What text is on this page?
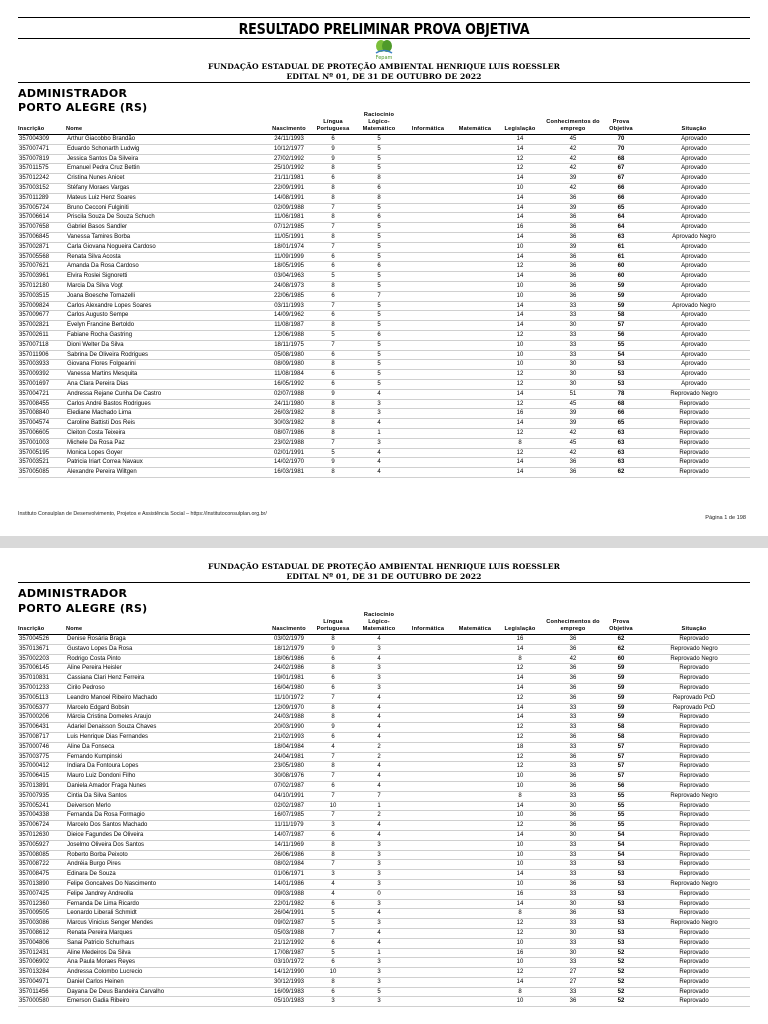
RESULTADO PRELIMINAR PROVA OBJETIVA
Fepam
FUNDAÇÃO ESTADUAL DE PROTEÇÃO AMBIENTAL HENRIQUE LUIS ROESSLER
EDITAL Nº 01, DE 31 DE OUTUBRO DE 2022
ADMINISTRADOR
PORTO ALEGRE (RS)
Inscrição	Nome	Nascimento	Língua Portuguesa	Raciocínio Lógico-Matemático	Informática	Matemática	Legislação	Conhecimentos do emprego	Prova Objetiva	Situação
357004309	Arthur Giacobbo Brandão	24/11/1993	6	5			14	45	70	Aprovado
357007471	Eduardo Schonarth Ludwig	10/12/1977	9	5			14	42	70	Aprovado
357007819	Jessica Santos Da Silveira	27/02/1992	9	5			12	42	68	Aprovado
357011575	Emanuel Pedra Cruz Bettin	25/10/1992	8	5			12	42	67	Aprovado
357012242	Cristina Nunes Anicet	21/11/1981	6	8			14	39	67	Aprovado
357003152	Stéfany Moraes Vargas	22/09/1991	8	6			10	42	66	Aprovado
357011289	Mateus Luiz Henz Soares	14/08/1991	8	8			14	36	66	Aprovado
357005724	Bruno Cecconi Fulginiti	02/09/1988	7	5			14	39	65	Aprovado
357006614	Priscila Souza De Souza Schuch	11/06/1981	8	6			14	36	64	Aprovado
357007658	Gabriel Basos Sandler	07/12/1985	7	5			16	36	64	Aprovado
357006845	Vanessa Tamires Borba	11/05/1991	8	5			14	36	63	Aprovado Negro
357002871	Carla Giovana Nogueira Cardoso	18/01/1974	7	5			10	39	61	Aprovado
357005568	Renata Silva Acosta	11/09/1999	6	5			14	36	61	Aprovado
357007621	Amanda Da Rosa Cardoso	18/05/1995	6	6			12	36	60	Aprovado
357003961	Elvira Roslei Signoretti	03/04/1963	5	5			14	36	60	Aprovado
357012180	Marcia Da Silva Vogt	24/08/1973	8	5			10	36	59	Aprovado
357003515	Joana Boesche Tomazelli	22/06/1985	6	7			10	36	59	Aprovado
357009824	Carlos Alexandre Lopes Soares	03/11/1993	7	5			14	33	59	Aprovado Negro
357009677	Carlos Augusto Sempe	14/09/1962	6	5			14	33	58	Aprovado
357002821	Evelyn Francine Bertoldo	11/08/1987	8	5			14	30	57	Aprovado
357002611	Fabiane Rocha Gastring	12/06/1988	5	6			12	33	56	Aprovado
357007118	Dioni Welter Da Silva	18/11/1975	7	5			10	33	55	Aprovado
357011906	Sabrina De Oliveira Rodrigues	05/08/1980	6	5			10	33	54	Aprovado
357003933	Giovana Flores Folgearini	08/09/1980	8	5			10	30	53	Aprovado
357009392	Vanessa Martins Mesquita	11/08/1984	6	5			12	30	53	Aprovado
357001697	Ana Clara Pereira Dias	16/05/1992	6	5			12	30	53	Aprovado
357004721	Andressa Rejane Cunha De Castro	02/07/1988	9	4			14	51	78	Reprovado Negro
357008455	Carlos André Bastos Rodrigues	24/11/1980	8	3			12	45	68	Reprovado
357008840	Elediane Machado Lima	26/03/1982	8	3			16	39	66	Reprovado
357004574	Caroline Battisti Dos Reis	30/03/1982	8	4			14	39	65	Reprovado
357006605	Cleiton Costa Teixeira	08/07/1986	8	1			12	42	63	Reprovado
357001003	Michele Da Rosa Paz	23/02/1988	7	3			8	45	63	Reprovado
357005195	Monica Lopes Goyer	02/01/1991	5	4			12	42	63	Reprovado
357003521	Patricia Iriart Correa Navaux	14/02/1970	9	4			14	36	63	Reprovado
357005085	Alexandre Pereira Wiltgen	16/03/1981	8	4			14	36	62	Reprovado
Instituto Consulplan de Desenvolvimento, Projetos e Assistência Social – https://institutoconsulplan.org.br/
Página 1 de 198
FUNDAÇÃO ESTADUAL DE PROTEÇÃO AMBIENTAL HENRIQUE LUIS ROESSLER
EDITAL Nº 01, DE 31 DE OUTUBRO DE 2022
ADMINISTRADOR
PORTO ALEGRE (RS)
Inscrição	Nome	Nascimento	Língua Portuguesa	Raciocínio Lógico-Matemático	Informática	Matemática	Legislação	Conhecimentos do emprego	Prova Objetiva	Situação
357004526	Denise Rosária Braga	03/02/1979	8	4			16	36	62	Reprovado
357013671	Gustavo Lopes Da Rosa	18/12/1979	9	3			14	36	62	Reprovado Negro
357002203	Rodrigo Costa Pinto	18/06/1986	6	4			8	42	60	Reprovado Negro
357006145	Aline Pereira Heisler	24/02/1986	8	3			12	36	59	Reprovado
357010831	Cassiana Clari Henz Ferreira	19/01/1981	6	3			14	36	59	Reprovado
357001233	Cirilo Pedroso	16/04/1980	6	3			14	36	59	Reprovado
357005113	Leandro Manoel Ribeiro Machado	11/10/1972	7	4			12	36	59	Reprovado PcD
357005377	Marcelo Edgard Bobsin	12/09/1970	8	4			14	33	59	Reprovado PcD
357000206	Márcia Cristina Domeles Araujo	24/03/1988	8	4			14	33	59	Reprovado
357006431	Adariel Denaisson Souza Chaves	20/03/1990	9	4			12	33	58	Reprovado
357008717	Luis Henrique Dias Fernandes	21/02/1993	6	4			12	36	58	Reprovado
357000746	Aline Da Fonseca	18/04/1984	4	2			18	33	57	Reprovado
357003775	Fernando Kumpinski	24/04/1981	7	2			12	36	57	Reprovado
357000412	Indiara Da Fontoura Lopes	23/05/1980	8	4			12	33	57	Reprovado
357006415	Mauro Luiz Dondoni Filho	30/08/1976	7	4			10	36	57	Reprovado
357013891	Daniela Amador Fraga Nunes	07/02/1987	6	4			10	36	56	Reprovado
357007935	Cintia Da Silva Santos	04/10/1991	7	7			8	33	55	Reprovado Negro
357005241	Deiverson Merlo	02/02/1987	10	1			14	30	55	Reprovado
357004338	Fernanda Da Rosa Formagio	16/07/1985	7	2			10	36	55	Reprovado
357006724	Marcelo Dos Santos Machado	11/11/1979	3	4			12	36	55	Reprovado
357012630	Dieice Fagundes De Oliveira	14/07/1987	6	4			14	30	54	Reprovado
357005927	Joselmo Oliveira Dos Santos	14/11/1969	8	3			10	33	54	Reprovado
357008085	Roberto Borba Peixoto	26/06/1986	8	3			10	33	54	Reprovado
357008722	Andréia Burgo Pires	08/02/1984	7	3			10	33	53	Reprovado
357008475	Edinara De Souza	01/06/1971	3	3			14	33	53	Reprovado
357013890	Felipe Goncalves Do Nascimento	14/01/1986	4	3			10	36	53	Reprovado Negro
357007425	Felipe Jandrey Andreolla	09/03/1988	4	0			16	33	53	Reprovado
357012360	Fernanda De Lima Ricardo	22/01/1982	6	3			14	30	53	Reprovado
357009505	Leonardo Liberali Schmidt	26/04/1991	5	4			8	36	53	Reprovado
357003086	Marcus Vinicius Senger Mendes	09/02/1987	5	3			12	33	53	Reprovado Negro
357008612	Renata Pereira Marques	05/03/1988	7	4			12	30	53	Reprovado
357004806	Sanai Patricio Schurhaus	21/12/1992	6	4			10	33	53	Reprovado
357012431	Aline Medeiros Da Silva	17/08/1987	5	1			16	30	52	Reprovado
357006902	Ana Paula Moraes Reyes	03/10/1972	6	3			10	33	52	Reprovado
357013284	Andressa Colombo Lucrecio	14/12/1990	10	3			12	27	52	Reprovado
357004971	Daniel Carlos Heinen	30/12/1993	8	3			14	27	52	Reprovado
357011456	Dayana De Deus Bandeira Carvalho	16/09/1983	6	5			8	33	52	Reprovado
357000580	Emerson Gadia Ribeiro	05/10/1983	3	3			10	36	52	Reprovado
